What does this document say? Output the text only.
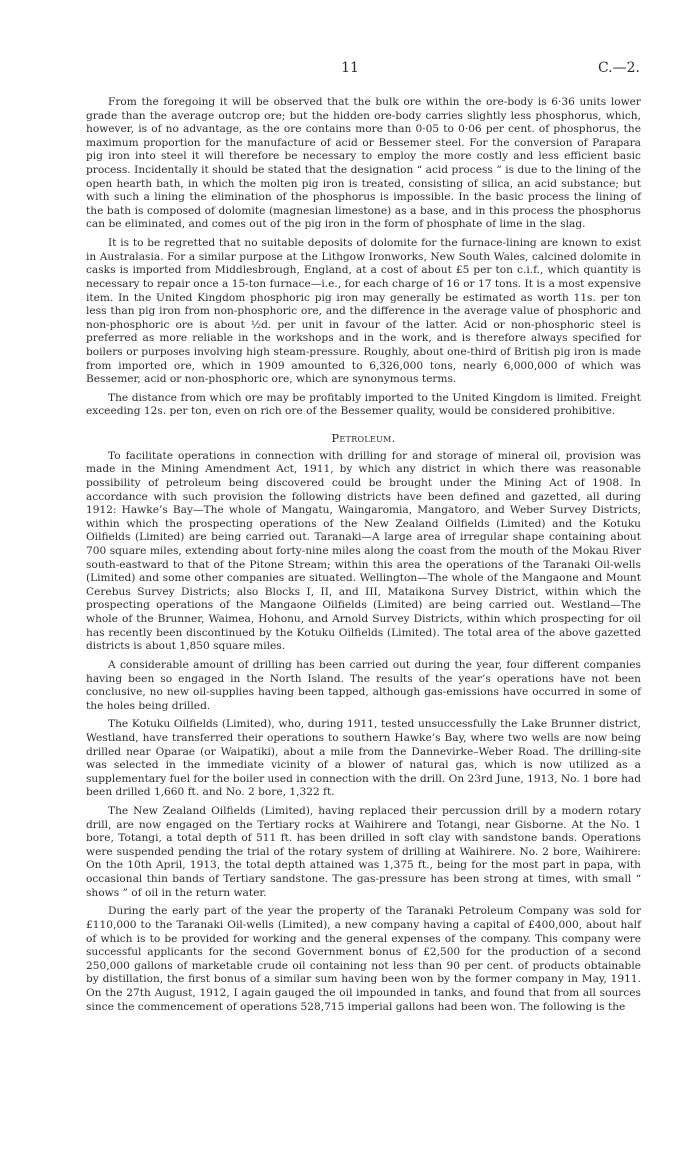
11	C.—2.

From the foregoing it will be observed that the bulk ore within the ore-body is 6·36 units lower grade than the average outcrop ore; but the hidden ore-body carries slightly less phosphorus, which, however, is of no advantage, as the ore contains more than 0·05 to 0·06 per cent. of phosphorus, the maximum proportion for the manufacture of acid or Bessemer steel. For the conversion of Parapara pig iron into steel it will therefore be necessary to employ the more costly and less efficient basic process. Incidentally it should be stated that the designation “ acid process ” is due to the lining of the open hearth bath, in which the molten pig iron is treated, consisting of silica, an acid substance; but with such a lining the elimination of the phosphorus is impossible. In the basic process the lining of the bath is composed of dolomite (magnesian limestone) as a base, and in this process the phosphorus can be eliminated, and comes out of the pig iron in the form of phosphate of lime in the slag.

It is to be regretted that no suitable deposits of dolomite for the furnace-lining are known to exist in Australasia. For a similar purpose at the Lithgow Ironworks, New South Wales, calcined dolomite in casks is imported from Middlesbrough, England, at a cost of about £5 per ton c.i.f., which quantity is necessary to repair once a 15-ton furnace—i.e., for each charge of 16 or 17 tons. It is a most expensive item. In the United Kingdom phosphoric pig iron may generally be estimated as worth 11s. per ton less than pig iron from non-phosphoric ore, and the difference in the average value of phosphoric and non-phosphoric ore is about ½d. per unit in favour of the latter. Acid or non-phosphoric steel is preferred as more reliable in the workshops and in the work, and is therefore always specified for boilers or purposes involving high steam-pressure. Roughly, about one-third of British pig iron is made from imported ore, which in 1909 amounted to 6,326,000 tons, nearly 6,000,000 of which was Bessemer, acid or non-phosphoric ore, which are synonymous terms.

The distance from which ore may be profitably imported to the United Kingdom is limited. Freight exceeding 12s. per ton, even on rich ore of the Bessemer quality, would be considered prohibitive.

Petroleum.

To facilitate operations in connection with drilling for and storage of mineral oil, provision was made in the Mining Amendment Act, 1911, by which any district in which there was reasonable possibility of petroleum being discovered could be brought under the Mining Act of 1908. In accordance with such provision the following districts have been defined and gazetted, all during 1912: Hawke’s Bay—The whole of Mangatu, Waingaromia, Mangatoro, and Weber Survey Districts, within which the prospecting operations of the New Zealand Oilfields (Limited) and the Kotuku Oilfields (Limited) are being carried out. Taranaki—A large area of irregular shape containing about 700 square miles, extending about forty-nine miles along the coast from the mouth of the Mokau River south-eastward to that of the Pitone Stream; within this area the operations of the Taranaki Oil-wells (Limited) and some other companies are situated. Wellington—The whole of the Mangaone and Mount Cerebus Survey Districts; also Blocks I, II, and III, Mataikona Survey District, within which the prospecting operations of the Mangaone Oilfields (Limited) are being carried out. Westland—The whole of the Brunner, Waimea, Hohonu, and Arnold Survey Districts, within which prospecting for oil has recently been discontinued by the Kotuku Oilfields (Limited). The total area of the above gazetted districts is about 1,850 square miles.

A considerable amount of drilling has been carried out during the year, four different companies having been so engaged in the North Island. The results of the year’s operations have not been conclusive, no new oil-supplies having been tapped, although gas-emissions have occurred in some of the holes being drilled.

The Kotuku Oilfields (Limited), who, during 1911, tested unsuccessfully the Lake Brunner district, Westland, have transferred their operations to southern Hawke’s Bay, where two wells are now being drilled near Oparae (or Waipatiki), about a mile from the Dannevirke–Weber Road. The drilling-site was selected in the immediate vicinity of a blower of natural gas, which is now utilized as a supplementary fuel for the boiler used in connection with the drill. On 23rd June, 1913, No. 1 bore had been drilled 1,660 ft. and No. 2 bore, 1,322 ft.

The New Zealand Oilfields (Limited), having replaced their percussion drill by a modern rotary drill, are now engaged on the Tertiary rocks at Waihirere and Totangi, near Gisborne. At the No. 1 bore, Totangi, a total depth of 511 ft. has been drilled in soft clay with sandstone bands. Operations were suspended pending the trial of the rotary system of drilling at Waihirere. No. 2 bore, Waihirere: On the 10th April, 1913, the total depth attained was 1,375 ft., being for the most part in papa, with occasional thin bands of Tertiary sandstone. The gas-pressure has been strong at times, with small “ shows ” of oil in the return water.

During the early part of the year the property of the Taranaki Petroleum Company was sold for £110,000 to the Taranaki Oil-wells (Limited), a new company having a capital of £400,000, about half of which is to be provided for working and the general expenses of the company. This company were successful applicants for the second Government bonus of £2,500 for the production of a second 250,000 gallons of marketable crude oil containing not less than 90 per cent. of products obtainable by distillation, the first bonus of a similar sum having been won by the former company in May, 1911. On the 27th August, 1912, I again gauged the oil impounded in tanks, and found that from all sources since the commencement of operations 528,715 imperial gallons had been won. The following is the
